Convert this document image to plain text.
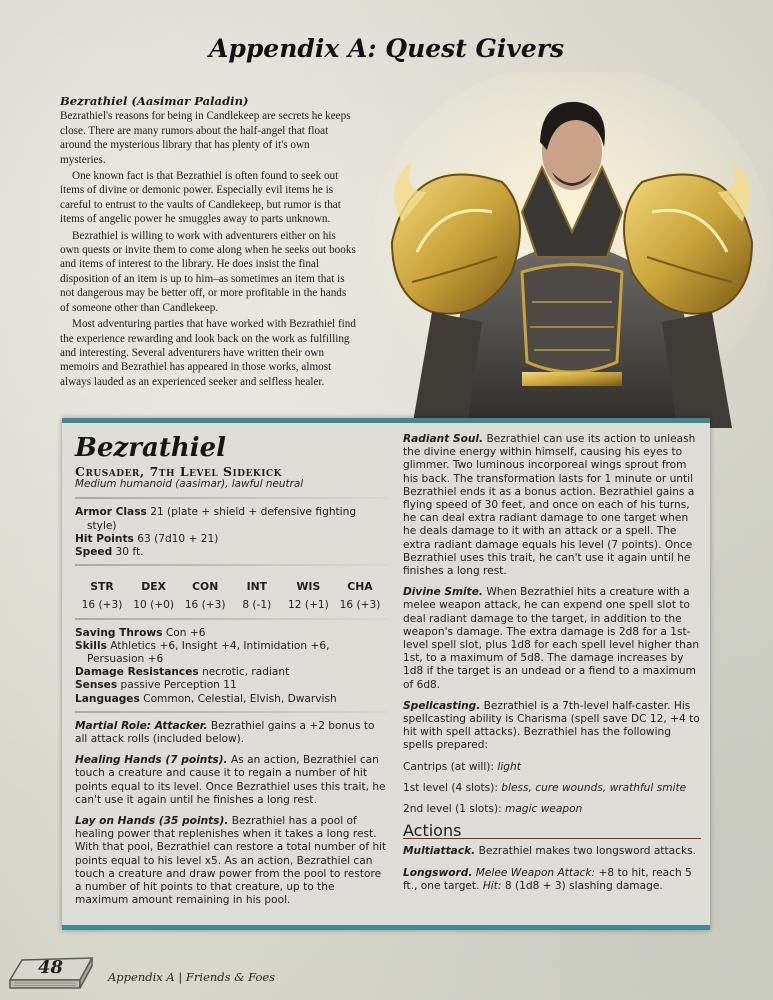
Appendix A: Quest Givers
Bezrathiel (Aasimar Paladin)

Bezrathiel's reasons for being in Candlekeep are secrets he keeps close. There are many rumors about the half-angel that float around the mysterious library that has plenty of it's own mysteries.

One known fact is that Bezrathiel is often found to seek out items of divine or demonic power. Especially evil items he is careful to entrust to the vaults of Candlekeep, but rumor is that items of angelic power he smuggles away to parts unknown.

Bezrathiel is willing to work with adventurers either on his own quests or invite them to come along when he seeks out books and items of interest to the library. He does insist the final disposition of an item is up to him–as sometimes an item that is not dangerous may be better off, or more profitable in the hands of someone other than Candlekeep.

Most adventuring parties that have worked with Bezrathiel find the experience rewarding and look back on the work as fulfilling and interesting. Several adventurers have written their own memoirs and Bezrathiel has appeared in those works, almost always lauded as an experienced seeker and selfless healer.

Bezrathiel
Crusader, 7th Level Sidekick
Medium humanoid (aasimar), lawful neutral
Armor Class 21 (plate + shield + defensive fighting style)
Hit Points 63 (7d10 + 21)
Speed 30 ft.
STR
16 (+3)
DEX
10 (+0)
CON
16 (+3)
INT
8 (-1)
WIS
12 (+1)
CHA
16 (+3)
Saving Throws Con +6
Skills Athletics +6, Insight +4, Intimidation +6, Persuasion +6
Damage Resistances necrotic, radiant
Senses passive Perception 11
Languages Common, Celestial, Elvish, Dwarvish
Martial Role: Attacker. Bezrathiel gains a +2 bonus to all attack rolls (included below).
Healing Hands (7 points). As an action, Bezrathiel can touch a creature and cause it to regain a number of hit points equal to its level. Once Bezrathiel uses this trait, he can't use it again until he finishes a long rest.
Lay on Hands (35 points). Bezrathiel has a pool of healing power that replenishes when it takes a long rest. With that pool, Bezrathiel can restore a total number of hit points equal to his level x5. As an action, Bezrathiel can touch a creature and draw power from the pool to restore a number of hit points to that creature, up to the maximum amount remaining in his pool.
Radiant Soul. Bezrathiel can use its action to unleash the divine energy within himself, causing his eyes to glimmer. Two luminous incorporeal wings sprout from his back. The transformation lasts for 1 minute or until Bezrathiel ends it as a bonus action. Bezrathiel gains a flying speed of 30 feet, and once on each of his turns, he can deal extra radiant damage to one target when he deals damage to it with an attack or a spell. The extra radiant damage equals his level (7 points). Once Bezrathiel uses this trait, he can't use it again until he finishes a long rest.
Divine Smite. When Bezrathiel hits a creature with a melee weapon attack, he can expend one spell slot to deal radiant damage to the target, in addition to the weapon's damage. The extra damage is 2d8 for a 1st-level spell slot, plus 1d8 for each spell level higher than 1st, to a maximum of 5d8. The damage increases by 1d8 if the target is an undead or a fiend to a maximum of 6d8.
Spellcasting. Bezrathiel is a 7th-level half-caster. His spellcasting ability is Charisma (spell save DC 12, +4 to hit with spell attacks). Bezrathiel has the following spells prepared:
Cantrips (at will): light
1st level (4 slots): bless, cure wounds, wrathful smite
2nd level (1 slots): magic weapon
Actions
Multiattack. Bezrathiel makes two longsword attacks.
Longsword. Melee Weapon Attack: +8 to hit, reach 5 ft., one target. Hit: 8 (1d8 + 3) slashing damage.
48	Appendix A | Friends & Foes
